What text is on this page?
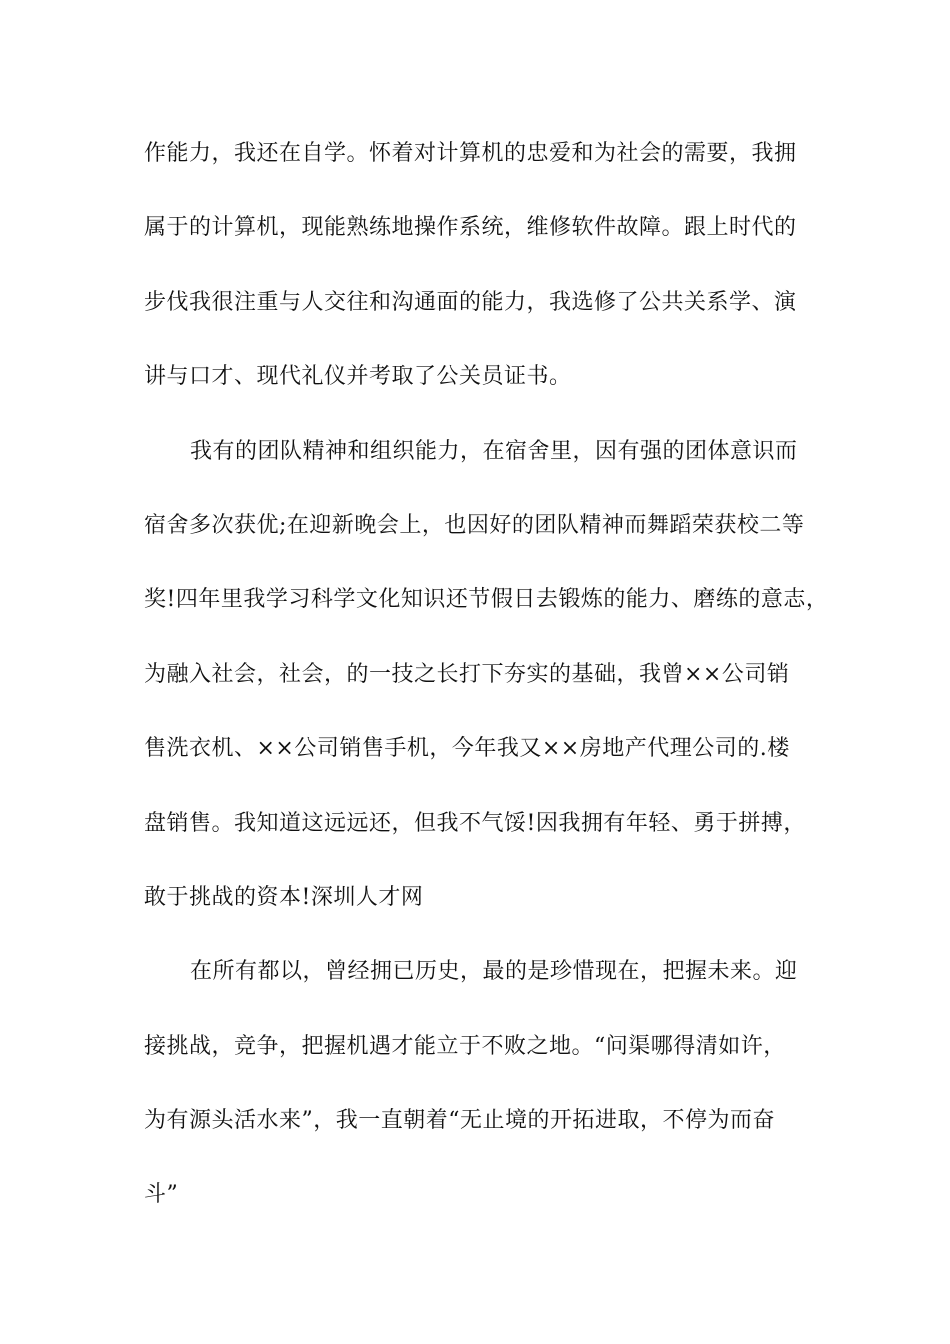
作能力，我还在自学。怀着对计算机的忠爱和为社会的需要，我拥
属于的计算机，现能熟练地操作系统，维修软件故障。跟上时代的
步伐我很注重与人交往和沟通面的能力，我选修了公共关系学、演
讲与口才、现代礼仪并考取了公关员证书。
我有的团队精神和组织能力，在宿舍里，因有强的团体意识而
宿舍多次获优;在迎新晚会上，也因好的团队精神而舞蹈荣获校二等
奖!四年里我学习科学文化知识还节假日去锻炼的能力、磨练的意志，
为融入社会，社会，的一技之长打下夯实的基础，我曾××公司销
售洗衣机、××公司销售手机，今年我又××房地产代理公司的.楼
盘销售。我知道这远远还，但我不气馁!因我拥有年轻、勇于拼搏，
敢于挑战的资本!深圳人才网
在所有都以，曾经拥已历史，最的是珍惜现在，把握未来。迎
接挑战，竞争，把握机遇才能立于不败之地。“问渠哪得清如许，
为有源头活水来”，我一直朝着“无止境的开拓进取，不停为而奋
斗”
